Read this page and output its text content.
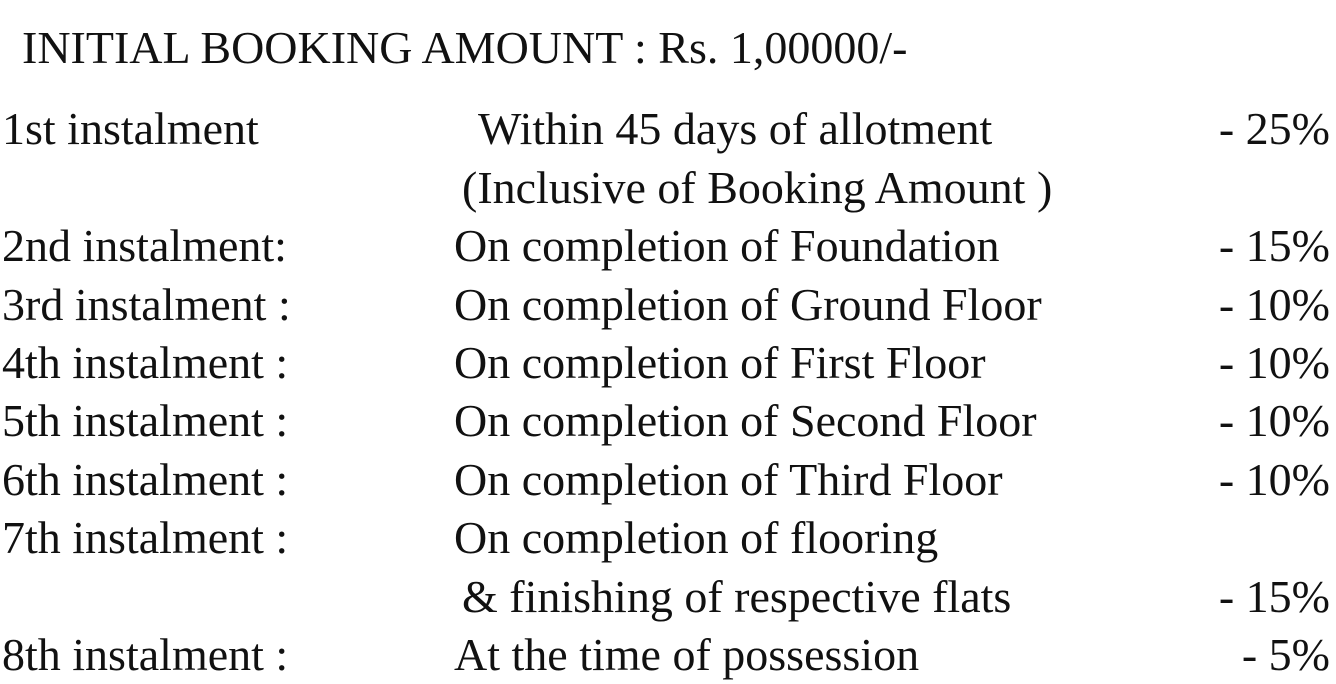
INITIAL BOOKING AMOUNT : Rs. 1,00000/-
1st instalment	Within 45 days of allotment	- 25%
(Inclusive of Booking Amount )
2nd instalment:	On completion of Foundation	- 15%
3rd instalment :	On completion of Ground Floor	- 10%
4th instalment :	On completion of First Floor	- 10%
5th instalment :	On completion of Second Floor	- 10%
6th instalment :	On completion of Third Floor	- 10%
7th instalment :	On completion of flooring
& finishing of respective flats	- 15%
8th instalment :	At the time of possession	- 5%
